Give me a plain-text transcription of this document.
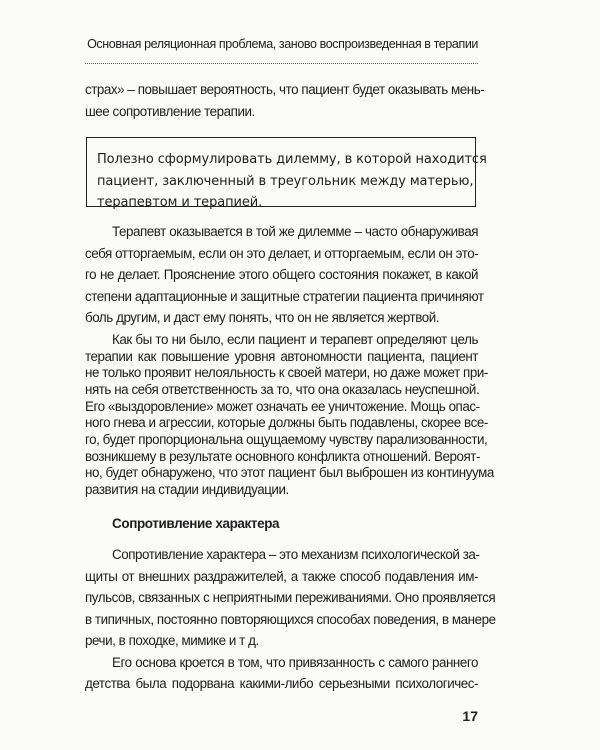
Основная реляционная проблема, заново воспроизведенная в терапии
страх» – повышает вероятность, что пациент будет оказывать мень-
шее сопротивление терапии.
Полезно сформулировать дилемму, в которой находится
пациент, заключенный в треугольник между матерью,
терапевтом и терапией.
Терапевт оказывается в той же дилемме – часто обнаруживая
себя отторгаемым, если он это делает, и отторгаемым, если он это-
го не делает. Прояснение этого общего состояния покажет, в какой
степени адаптационные и защитные стратегии пациента причиняют
боль другим, и даст ему понять, что он не является жертвой.
Как бы то ни было, если пациент и терапевт определяют цель
терапии как повышение уровня автономности пациента, пациент
не только проявит нелояльность к своей матери, но даже может при-
нять на себя ответственность за то, что она оказалась неуспешной.
Его «выздоровление» может означать ее уничтожение. Мощь опас-
ного гнева и агрессии, которые должны быть подавлены, скорее все-
го, будет пропорциональна ощущаемому чувству парализованности,
возникшему в результате основного конфликта отношений. Вероят-
Сопротивление характера
Сопротивление характера – это механизм психологической за-
щиты от внешних раздражителей, а также способ подавления им-
пульсов, связанных с неприятными переживаниями. Оно проявляется
в типичных, постоянно повторяющихся способах поведения, в манере
речи, в походке, мимике и т д.
Его основа кроется в том, что привязанность с самого раннего
детства была подорвана какими-либо серьезными психологичес-
17
но, будет обнаружено, что этот пациент был выброшен из континуума
развития на стадии индивидуации.
